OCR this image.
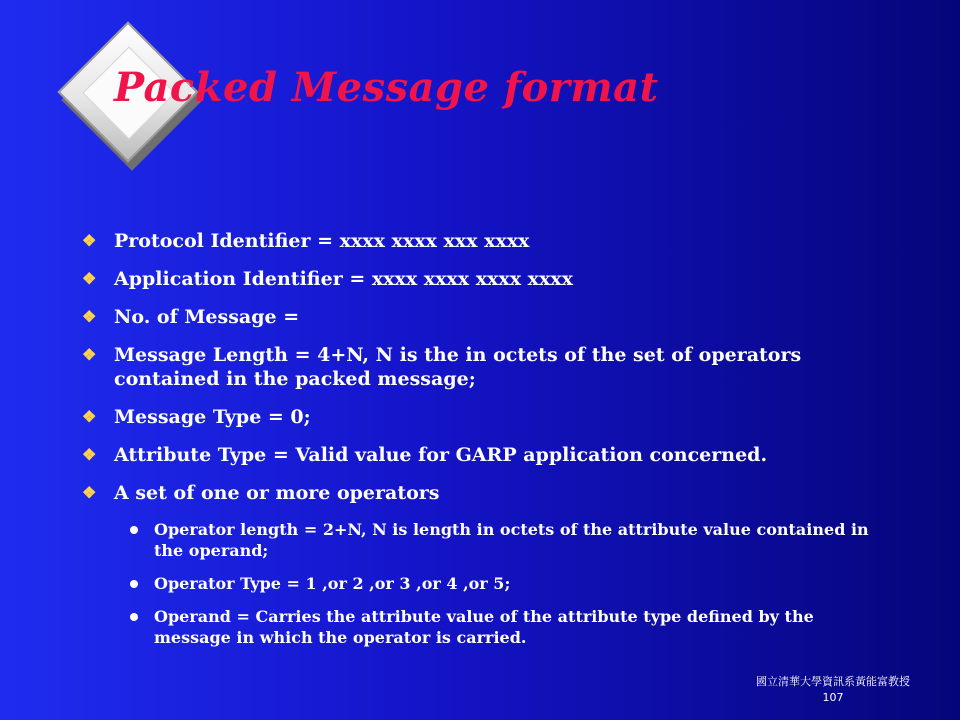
Packed Message format
❖ Protocol Identifier = xxxx xxxx xxx xxxx
❖ Application Identifier = xxxx xxxx xxxx xxxx
❖ No. of Message =
❖ Message Length = 4+N, N is the in octets of the set of operators contained in the packed message;
❖ Message Type = 0;
❖ Attribute Type = Valid value for GARP application concerned.
❖ A set of one or more operators
Operator length = 2+N, N is length in octets of the attribute value contained in the operand;
Operator Type = 1 ,or 2 ,or 3 ,or 4 ,or 5;
Operand = Carries the attribute value of the attribute type defined by the message in which the operator is carried.
國立清華大學資訊系黃能富教授
107
